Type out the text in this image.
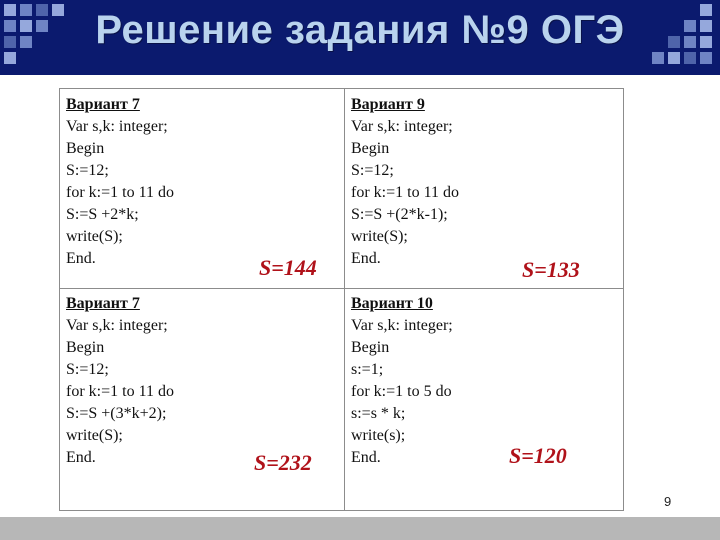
Решение задания №9 ОГЭ
Вариант 7
Var s,k: integer;
Begin
S:=12;
for k:=1 to 11 do
S:=S +2*k;
write(S);
End.	S=144
Вариант 9
Var s,k: integer;
Begin
S:=12;
for k:=1 to 11 do
S:=S +(2*k-1);
write(S);
End.	S=133
Вариант 7
Var s,k: integer;
Begin
S:=12;
for k:=1 to 11 do
S:=S +(3*k+2);
write(S);
End.	S=232
Вариант 10
Var s,k: integer;
Begin
s:=1;
for k:=1 to 5 do
s:=s * k;
write(s);
End.	S=120
9
